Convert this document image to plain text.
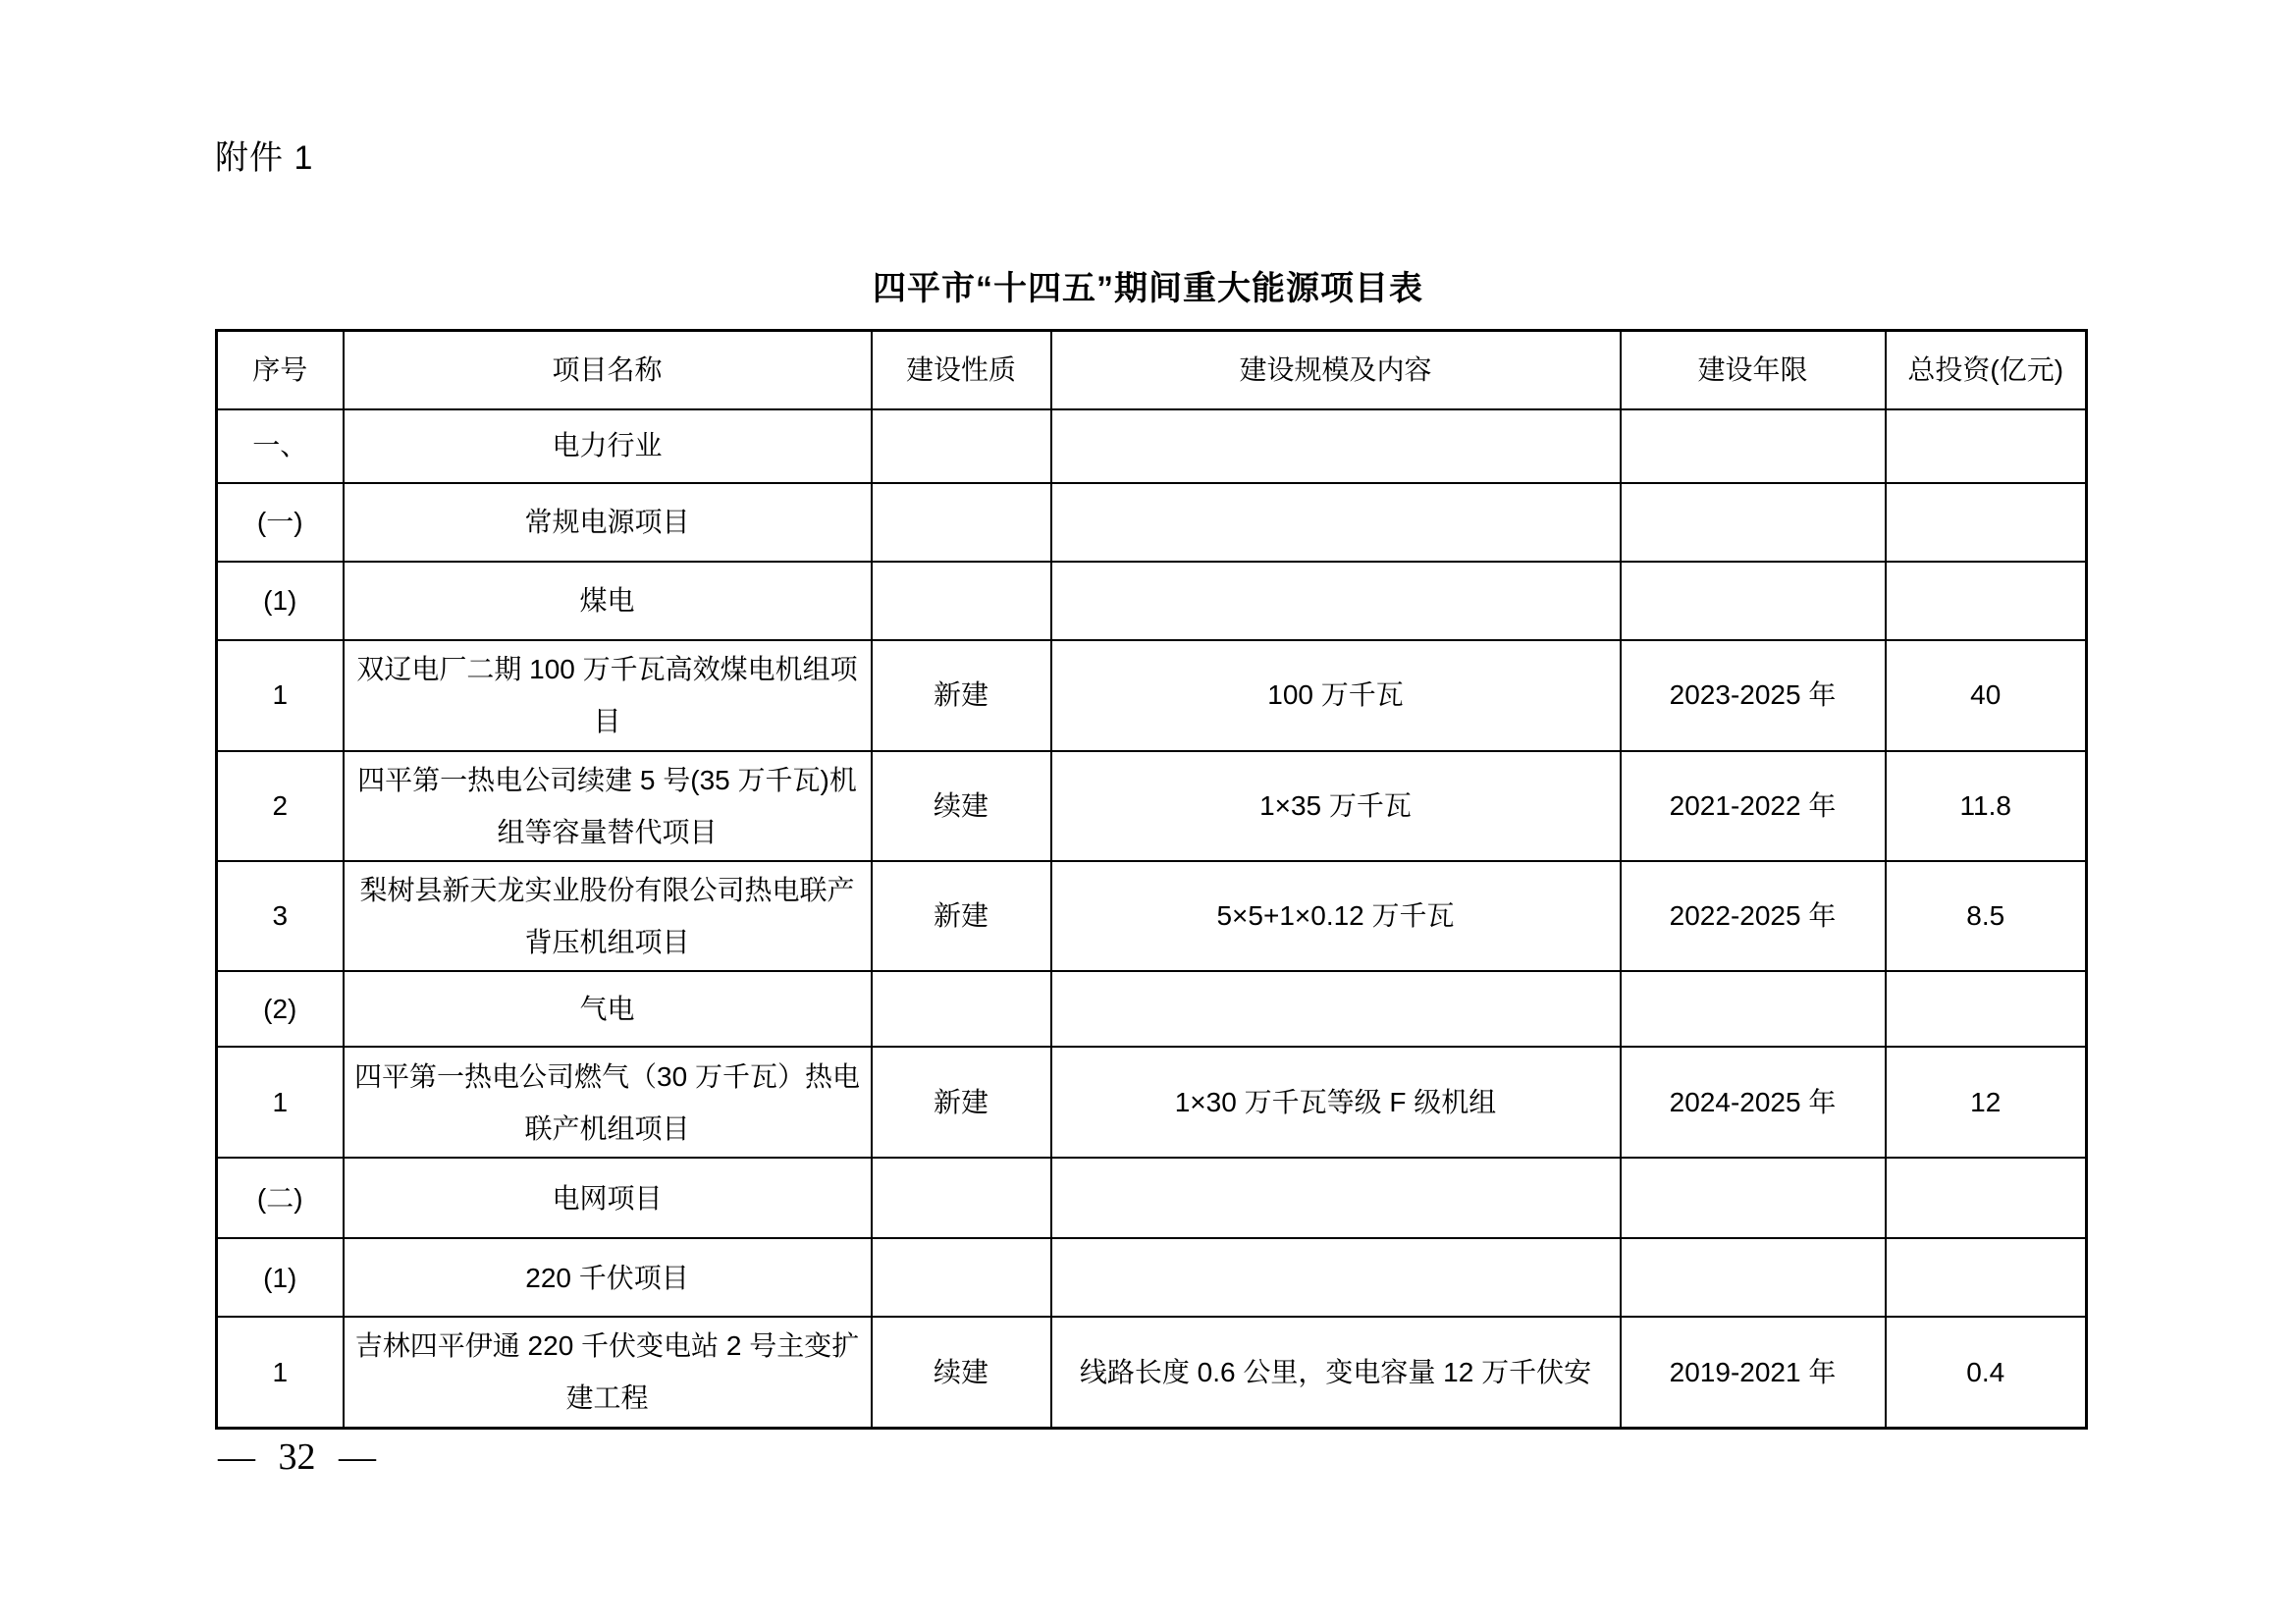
附件 1
四平市“十四五”期间重大能源项目表
序号	项目名称	建设性质	建设规模及内容	建设年限	总投资(亿元)
一、	电力行业				
(一)	常规电源项目				
(1)	煤电				
1	双辽电厂二期 100 万千瓦高效煤电机组项目	新建	100 万千瓦	2023-2025 年	40
2	四平第一热电公司续建 5 号(35 万千瓦)机组等容量替代项目	续建	1×35 万千瓦	2021-2022 年	11.8
3	梨树县新天龙实业股份有限公司热电联产背压机组项目	新建	5×5+1×0.12 万千瓦	2022-2025 年	8.5
(2)	气电				
1	四平第一热电公司燃气（30 万千瓦）热电联产机组项目	新建	1×30 万千瓦等级 F 级机组	2024-2025 年	12
(二)	电网项目				
(1)	220 千伏项目				
1	吉林四平伊通 220 千伏变电站 2 号主变扩建工程	续建	线路长度 0.6 公里，变电容量 12 万千伏安	2019-2021 年	0.4
— 32 —
